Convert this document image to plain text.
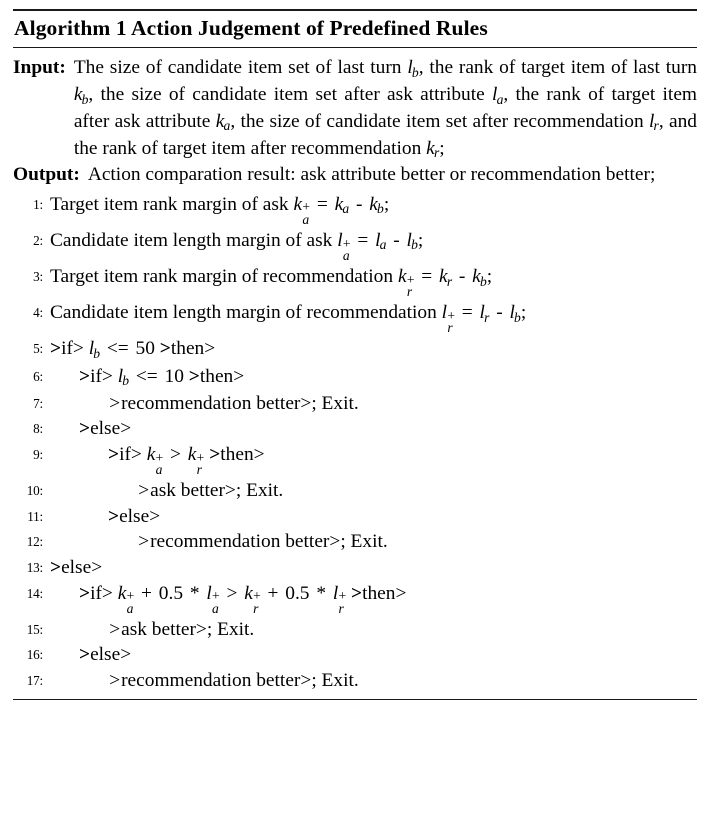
Algorithm 1 Action Judgement of Predefined Rules
Input: The size of candidate item set of last turn $l_b$, the rank of target item of last turn $k_b$, the size of candidate item set after ask attribute $l_a$, the rank of target item after ask attribute $k_a$, the size of candidate item set after recommendation $l_r$, and the rank of target item after recommendation $k_r$;
Output: Action comparation result: ask attribute better or recommendation better;
1: Target item rank margin of ask k +
a
= $k_a - k_b$;
2: Candidate item length margin of ask l +
a
= $l_a - l_b$;
3: Target item rank margin of recommendation k +
r
= $k_r - k_b$;
4: Candidate item length margin of recommendation l +
r
= $l_r - l_b$;
5: $>if> l_b <= 50$ >then>
6:	$>if> l_b <= 10$ >then>
7:	>recommendation better>; Exit.
8:	>else>
9:	>if> k +
a
> k +
r
>then>
10:	>ask better>; Exit.
11:	>else>
12:	>recommendation better>; Exit.
13: >else>
14:	>if> k +
a
+ 0.5 * l +
a
> k +
r
+ 0.5 * l +
r
>then>
15:	>ask better>; Exit.
16:	>else>
17:	>recommendation better>; Exit.
